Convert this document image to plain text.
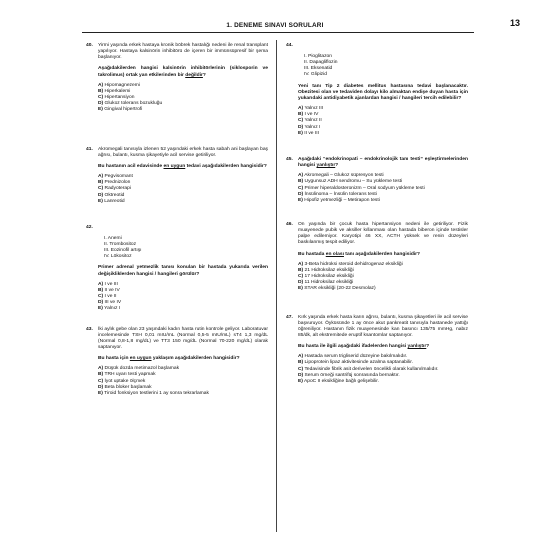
1. DENEME SINAVI SORULARI	13
40. Yirmi yaşında erkek hastaya kronik böbrek hastalığı nedeni ile renal transplant yapılıyor. Hastaya kalsinörin inhibitörü de içeren bir immünsüpresif bir şema başlanıyor.

Aşağıdakilerden hangisi kalsinörin inhibitörlerinin (siklosporin ve takrolimus) ortak yan etkilerinden bir değildir?

A) Hipomagnezemi
B) Hiperkalemi
C) Hipertansiyon
D) Glukoz tolerans bozukluğu
E) Gingival hipertrofi
41. Akromegali tanısıyla izlenen 52 yaşındaki erkek hasta sabah ani başlayan baş ağrısı, bulantı, kusma şikayetiyle acil servise getiriliyor.

Bu hastanın acil edavisinde en uygun tedavi aşağıdakilerden hangisidir?

A) Pegvisomant
B) Prednizolon
C) Radyoterapi
D) Oktreotid
E) Lanreotid
42.
I. Anemi
II. Trombositoz
III. Eozinofil artışı
IV. Lökositoz

Primer adrenal yetmezlik tanısı konulan bir hastada yukarıda verilen değişikliklerden hangisi / hangileri görülür?

A) I ve III
B) II ve IV
C) I ve II
D) III ve IV
E) Yalnız I
43. İki aylık gebe olan 23 yaşındaki kadın hasta rutin kontrole geliyor. Laboratuvar incelemesinde TSH 0,01 mIU/mL (Normal 0,5-5 mIU/mL) sT4 1,3 mg/dL (Normal 0,8-1,8 mg/dL) ve TT3 150 mg/dL (Normal 70-220 mg/dL) olarak saptanıyor.

Bu hasta için en uygun yaklaşım aşağıdakilerden hangisidir?

A) Düşük dozda metimazol başlamak
B) TRH uyarı testi yapmak
C) İyot uptake ölçmek
D) Beta bloker başlamak
E) Tiroid fonksiyon testlerini 1 ay sonra tekrarlamak
44.
I. Pioglitazon
II. Dapagliflozin
III. Eksenatid
IV. Glipizid

Yeni tanı Tip 2 diabetes mellitus hastasına tedavi başlanacaktır. Obezitesi olan ve tedaviden dolayı kilo almaktan endişe duyan hasta için yukarıdaki antidiyabetik ajanlardan hangisi / hangileri tercih edilebilir?

A) Yalnız III
B) I ve IV
C) Yalnız II
D) Yalnız I
E) II ve III
45. Aşağıdaki “endokrinopati – endokrinolojik tanı testi” eşleştirmelerinden hangisi yanlıştır?

A) Akromegali – Glukoz süpresyon testi
B) Uygunsuz ADH sendromu – Su yükleme testi
C) Primer hiperaldosteronizm – Oral sodyum yükleme testi
D) İnsülinoma – İnsülin tolerans testi
E) Hipofiz yetmezliği – Metirapon testi
46. On yaşında bir çocuk hasta hipertansiyon nedeni ile getiriliyor. Fizik muayenede pubik ve aksiller kıllanması olan hastada biberon içinde testisler palpe edilemiyor. Karyotipi 46 XX, ACTH yüksek ve renin düzeyleri baskılanmış tespit ediliyor.

Bu hastada en olası tanı aşağıdakilerden hangisidir?

A) 3-Beta hidroksi steroid dehidrogenaz eksikliği
B) 21 Hidroksilaz eksikliği
C) 17 Hidroksilaz eksikliği
D) 11 Hidroksilaz eksikliği
E) STAR eksikliği (20-22 Desmolaz)
47. Kırk yaşında erkek hasta karın ağrısı, bulantı, kusma şikayetleri ile acil servise başvuruyor. Öyküsünde 1 ay önce akut pankreatit tanısıyla hastanede yattığı öğreniliyor. Hastanın fizik muayenesinde kan basıncı 135/75 mmHg, nabız 85/dk, alt ekstremitede eruptif ksantomlar saptanıyor.

Bu hasta ile ilgili aşağıdaki ifadelerden hangisi yanlıştır?

A) Hastada serum trigliserid düzeyine bakılmalıdır.
B) Lipoprotein lipaz aktivitesinde azalma saptanabilir.
C) Tedavisinde fibrik asit derivelerı öncelikli olarak kullanılmalıdır.
D) Serum örneği santrifüj sonrasında bernaktır.
E) ApoC II eksikliğine bağlı gelişebilir.
